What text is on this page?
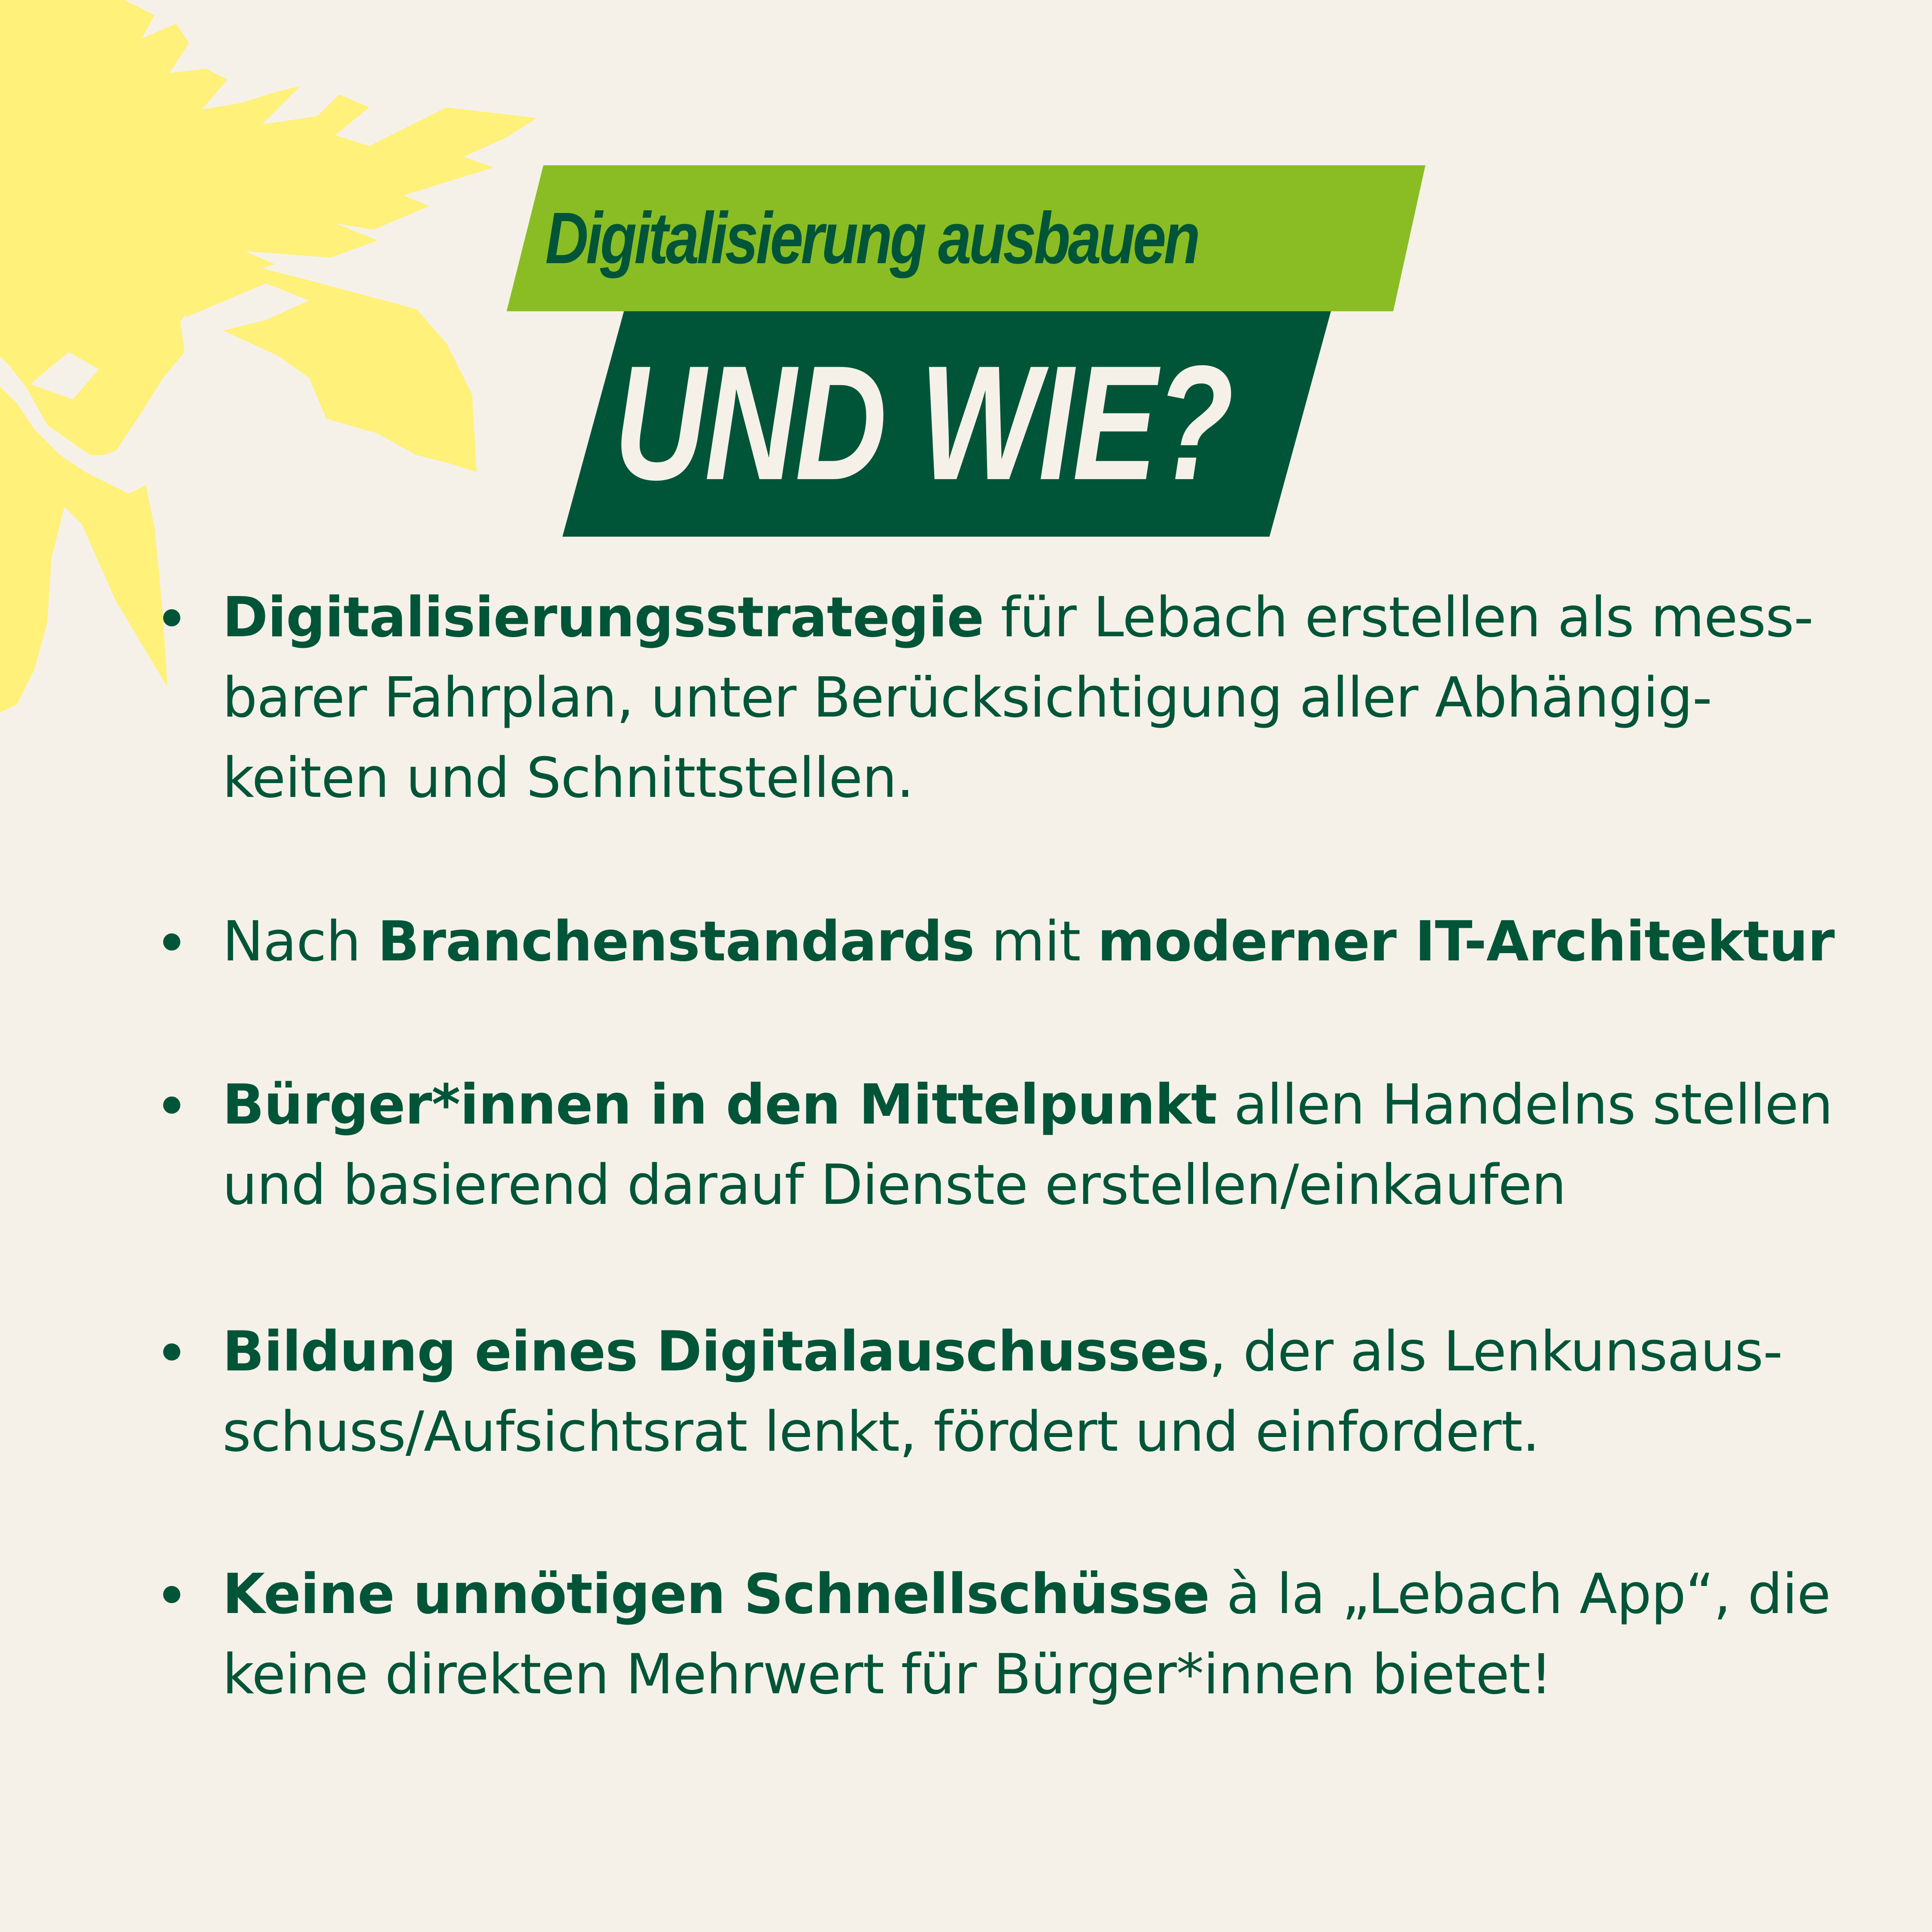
Digitalisierung ausbauen
UND WIE?
Digitalisierungsstrategie für Lebach erstellen als mess-
barer Fahrplan, unter Berücksichtigung aller Abhängig-
keiten und Schnittstellen.
Nach Branchenstandards mit moderner IT-Architektur
Bürger*innen in den Mittelpunkt allen Handelns stellen
und basierend darauf Dienste erstellen/einkaufen
Bildung eines Digitalauschusses, der als Lenkunsaus-
schuss/Aufsichtsrat lenkt, fördert und einfordert.
Keine unnötigen Schnellschüsse à la „Lebach App“, die
keine direkten Mehrwert für Bürger*innen bietet!
